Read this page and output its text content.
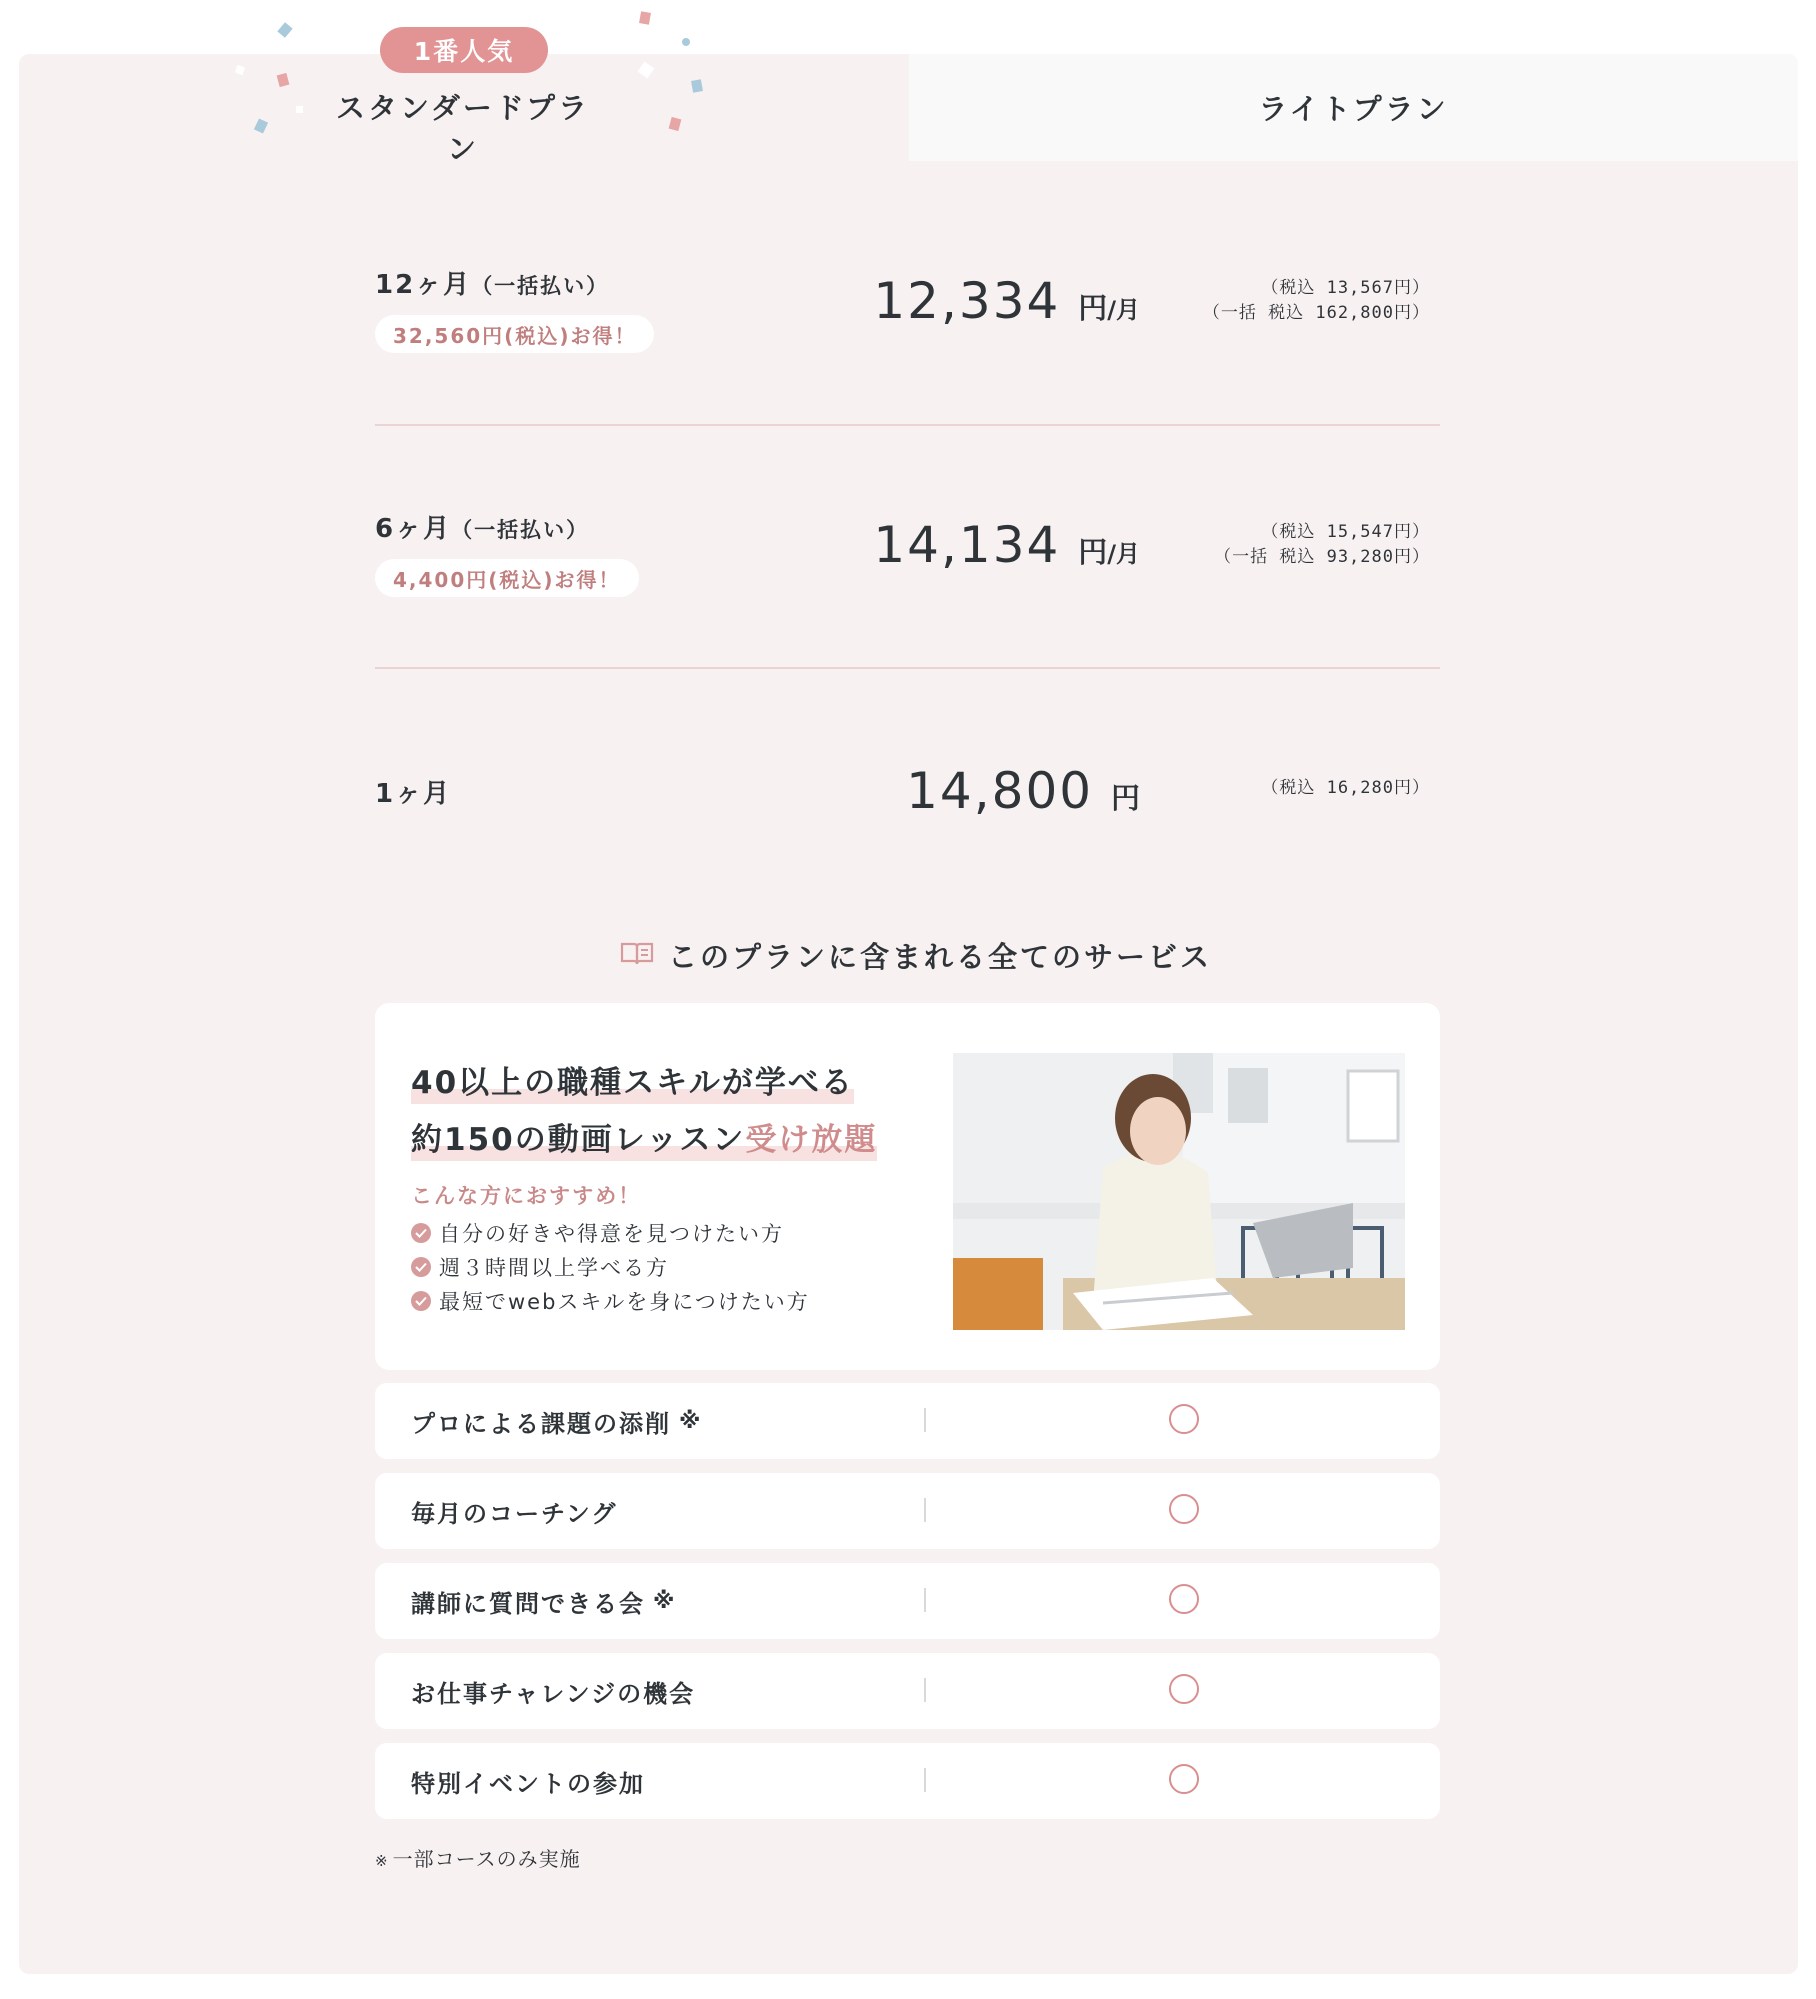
ライトプラン
1番人気
スタンダードプラン
12ヶ月（一括払い）
32,560円(税込)お得！
12,334 円/月
（税込 13,567円）
（一括 税込 162,800円）
6ヶ月（一括払い）
4,400円(税込)お得！
14,134 円/月
（税込 15,547円）
（一括 税込 93,280円）
1ヶ月	14,800 円	（税込 16,280円）
このプランに含まれる全てのサービス
40以上の職種スキルが学べる
約150の動画レッスン受け放題
こんな方におすすめ！
自分の好きや得意を見つけたい方
週３時間以上学べる方
最短でwebスキルを身につけたい方
プロによる課題の添削 ※
毎月のコーチング
講師に質問できる会 ※
お仕事チャレンジの機会
特別イベントの参加
※ 一部コースのみ実施
